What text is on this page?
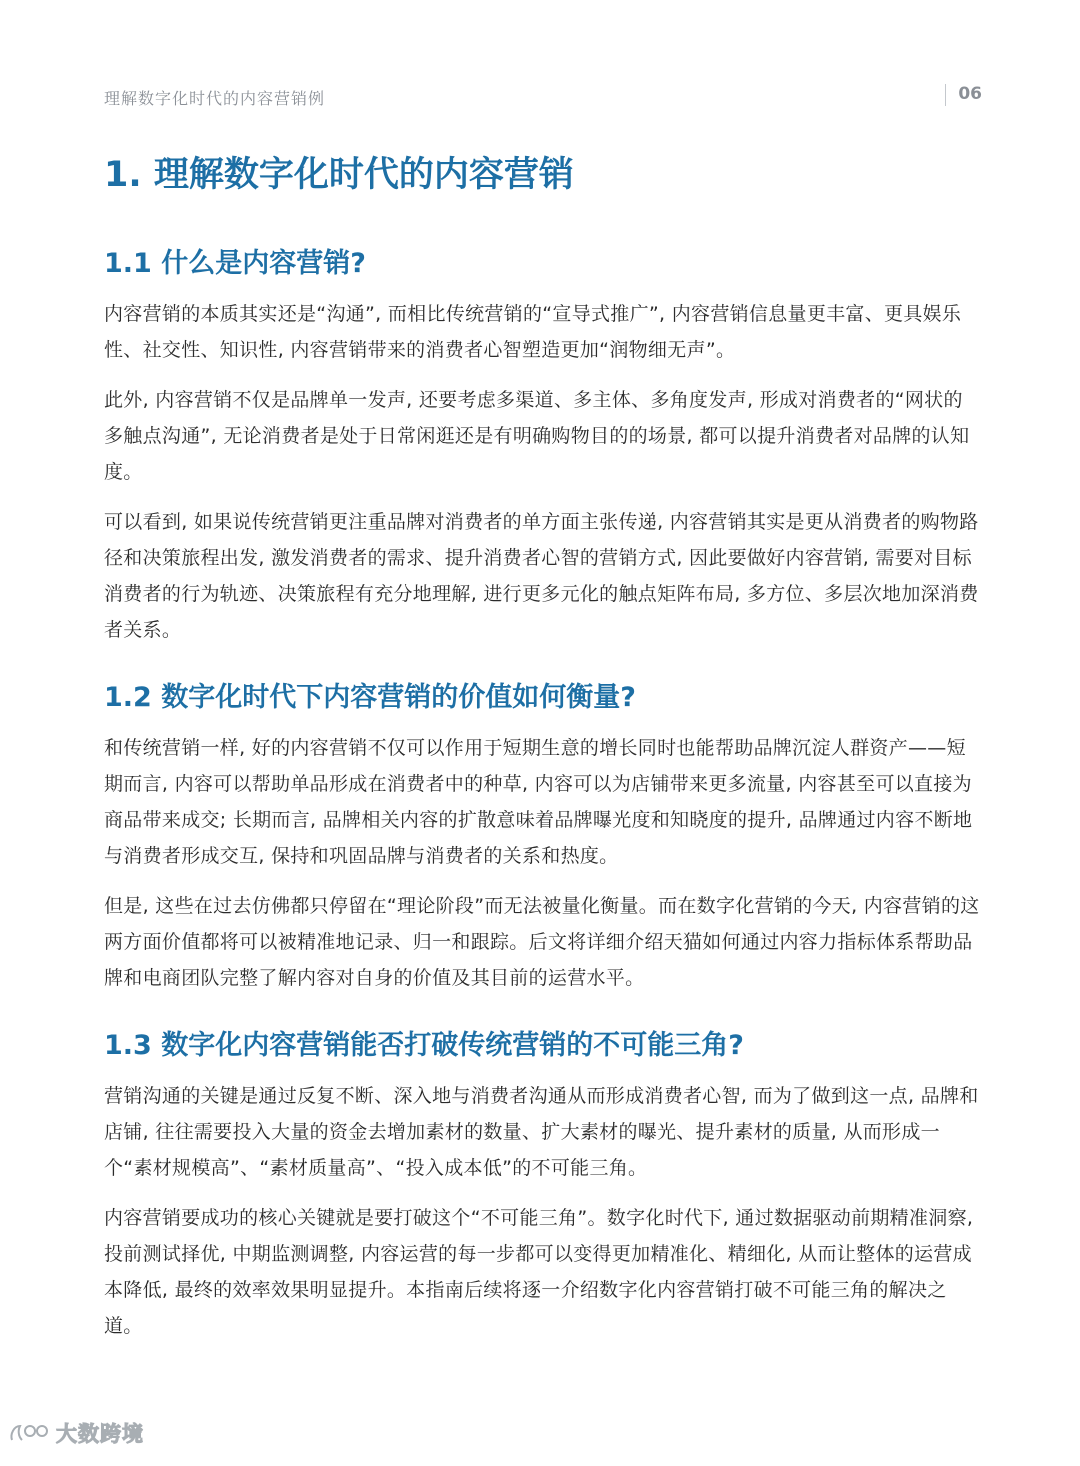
理解数字化时代的内容营销例	06
1. 理解数字化时代的内容营销
1.1 什么是内容营销?

内容营销的本质其实还是“沟通”, 而相比传统营销的“宣导式推广”, 内容营销信息量更丰富、更具娱乐性、社交性、知识性, 内容营销带来的消费者心智塑造更加“润物细无声”。

此外, 内容营销不仅是品牌单一发声, 还要考虑多渠道、多主体、多角度发声, 形成对消费者的“网状的多触点沟通”, 无论消费者是处于日常闲逛还是有明确购物目的的场景, 都可以提升消费者对品牌的认知度。

可以看到, 如果说传统营销更注重品牌对消费者的单方面主张传递, 内容营销其实是更从消费者的购物路径和决策旅程出发, 激发消费者的需求、提升消费者心智的营销方式, 因此要做好内容营销, 需要对目标消费者的行为轨迹、决策旅程有充分地理解, 进行更多元化的触点矩阵布局, 多方位、多层次地加深消费者关系。

1.2 数字化时代下内容营销的价值如何衡量?

和传统营销一样, 好的内容营销不仅可以作用于短期生意的增长同时也能帮助品牌沉淀人群资产——短期而言, 内容可以帮助单品形成在消费者中的种草, 内容可以为店铺带来更多流量, 内容甚至可以直接为商品带来成交; 长期而言, 品牌相关内容的扩散意味着品牌曝光度和知晓度的提升, 品牌通过内容不断地与消费者形成交互, 保持和巩固品牌与消费者的关系和热度。

但是, 这些在过去仿佛都只停留在“理论阶段”而无法被量化衡量。而在数字化营销的今天, 内容营销的这两方面价值都将可以被精准地记录、归一和跟踪。后文将详细介绍天猫如何通过内容力指标体系帮助品牌和电商团队完整了解内容对自身的价值及其目前的运营水平。

1.3 数字化内容营销能否打破传统营销的不可能三角?

营销沟通的关键是通过反复不断、深入地与消费者沟通从而形成消费者心智, 而为了做到这一点, 品牌和店铺, 往往需要投入大量的资金去增加素材的数量、扩大素材的曝光、提升素材的质量, 从而形成一个“素材规模高”、“素材质量高”、“投入成本低”的不可能三角。

内容营销要成功的核心关键就是要打破这个“不可能三角”。数字化时代下, 通过数据驱动前期精准洞察, 投前测试择优, 中期监测调整, 内容运营的每一步都可以变得更加精准化、精细化, 从而让整体的运营成本降低, 最终的效率效果明显提升。本指南后续将逐一介绍数字化内容营销打破不可能三角的解决之道。

大数跨境
